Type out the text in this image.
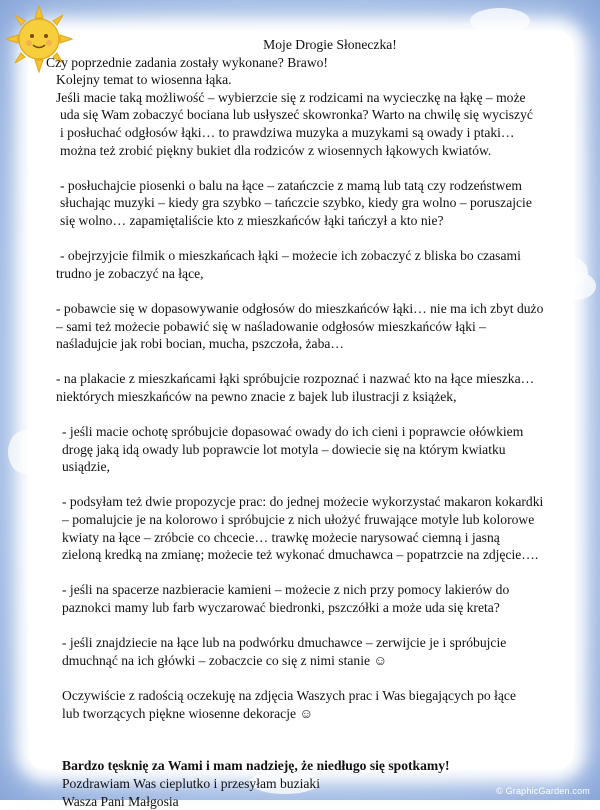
Moje Drogie Słoneczka!

Czy poprzednie zadania zostały wykonane? Brawo!

Kolejny temat to wiosenna łąka.

Jeśli macie taką możliwość – wybierzcie się z rodzicami na wycieczkę na łąkę – może

uda się Wam zobaczyć bociana lub usłyszeć skowronka? Warto na chwilę się wyciszyć

i posłuchać odgłosów łąki… to prawdziwa muzyka a muzykami są owady i ptaki…

można też zrobić piękny bukiet dla rodziców z wiosennych łąkowych kwiatów.

- posłuchajcie piosenki o balu na łące – zatańczcie z mamą lub tatą czy rodzeństwem

słuchając muzyki – kiedy gra szybko – tańczcie szybko, kiedy gra wolno – poruszajcie

się wolno… zapamiętaliście kto z mieszkańców łąki tańczył a kto nie?

- obejrzyjcie filmik o mieszkańcach łąki – możecie ich zobaczyć z bliska bo czasami

trudno je zobaczyć na łące,

- pobawcie się w dopasowywanie odgłosów do mieszkańców łąki… nie ma ich zbyt dużo

– sami też możecie pobawić się w naśladowanie odgłosów mieszkańców łąki –

naśladujcie jak robi bocian, mucha, pszczoła, żaba…

- na plakacie z mieszkańcami łąki spróbujcie rozpoznać i nazwać kto na łące mieszka…

niektórych mieszkańców na pewno znacie z bajek lub ilustracji z książek,

- jeśli macie ochotę spróbujcie dopasować owady do ich cieni i poprawcie ołówkiem

drogę jaką idą owady lub poprawcie lot motyla – dowiecie się na którym kwiatku

usiądzie,

- podsyłam też dwie propozycje prac: do jednej możecie wykorzystać makaron kokardki

– pomalujcie je na kolorowo i spróbujcie z nich ułożyć fruwające motyle lub kolorowe

kwiaty na łące – zróbcie co chcecie… trawkę możecie narysować ciemną i jasną

zieloną kredką na zmianę; możecie też wykonać dmuchawca – popatrzcie na zdjęcie….

- jeśli na spacerze nazbieracie kamieni – możecie z nich przy pomocy lakierów do

paznokci mamy lub farb wyczarować biedronki, pszczółki a może uda się kreta?

- jeśli znajdziecie na łące lub na podwórku dmuchawce – zerwijcie je i spróbujcie

dmuchnąć na ich główki – zobaczcie co się z nimi stanie ☺

Oczywiście z radością oczekuję na zdjęcia Waszych prac i Was biegających po łące

lub tworzących piękne wiosenne dekoracje ☺

Bardzo tęsknię za Wami i mam nadzieję, że niedługo się spotkamy!

Pozdrawiam Was cieplutko i przesyłam buziaki

Wasza Pani Małgosia

© GraphicGarden.com
